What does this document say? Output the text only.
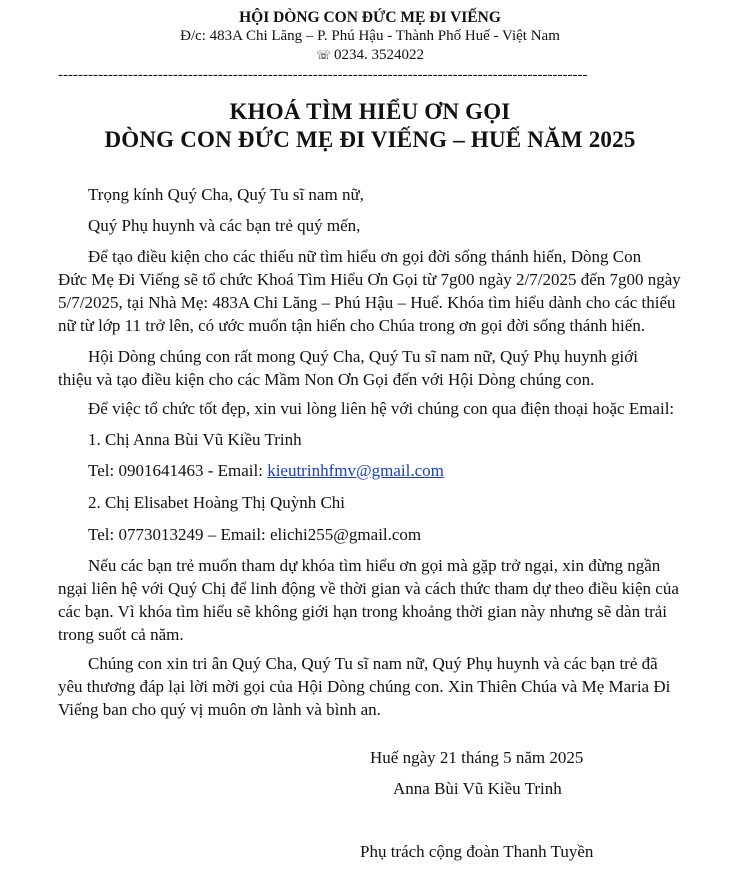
HỘI DÒNG CON ĐỨC MẸ ĐI VIẾNG
Đ/c: 483A Chi Lăng – P. Phú Hậu - Thành Phố Huế - Việt Nam
☏ 0234. 3524022
----------------------------------------------------------------------------------------------------------
KHOÁ TÌM HIỂU ƠN GỌI
DÒNG CON ĐỨC MẸ ĐI VIẾNG – HUẾ NĂM 2025
Trọng kính Quý Cha, Quý Tu sĩ nam nữ,
Quý Phụ huynh và các bạn trẻ quý mến,
Để tạo điều kiện cho các thiếu nữ tìm hiểu ơn gọi đời sống thánh hiến, Dòng Con
Đức Mẹ Đi Viếng sẽ tổ chức Khoá Tìm Hiểu Ơn Gọi từ 7g00 ngày 2/7/2025 đến 7g00 ngày
5/7/2025, tại Nhà Mẹ: 483A Chi Lăng – Phú Hậu – Huế. Khóa tìm hiểu dành cho các thiếu
nữ từ lớp 11 trở lên, có ước muốn tận hiến cho Chúa trong ơn gọi đời sống thánh hiến.
Hội Dòng chúng con rất mong Quý Cha, Quý Tu sĩ nam nữ, Quý Phụ huynh giới
thiệu và tạo điều kiện cho các Mầm Non Ơn Gọi đến với Hội Dòng chúng con.
Để việc tổ chức tốt đẹp, xin vui lòng liên hệ với chúng con qua điện thoại hoặc Email:
1. Chị Anna Bùi Vũ Kiều Trinh
Tel: 0901641463 - Email: kieutrinhfmv@gmail.com
2. Chị Elisabet Hoàng Thị Quỳnh Chi
Tel: 0773013249 – Email: elichi255@gmail.com
Nếu các bạn trẻ muốn tham dự khóa tìm hiểu ơn gọi mà gặp trở ngại, xin đừng ngần
ngại liên hệ với Quý Chị để linh động về thời gian và cách thức tham dự theo điều kiện của
các bạn. Vì khóa tìm hiểu sẽ không giới hạn trong khoảng thời gian này nhưng sẽ dàn trải
trong suốt cả năm.
Chúng con xin tri ân Quý Cha, Quý Tu sĩ nam nữ, Quý Phụ huynh và các bạn trẻ đã
yêu thương đáp lại lời mời gọi của Hội Dòng chúng con. Xin Thiên Chúa và Mẹ Maria Đi
Viếng ban cho quý vị muôn ơn lành và bình an.
Huế ngày 21 tháng 5 năm 2025
Anna Bùi Vũ Kiều Trinh
Phụ trách cộng đoàn Thanh Tuyền
